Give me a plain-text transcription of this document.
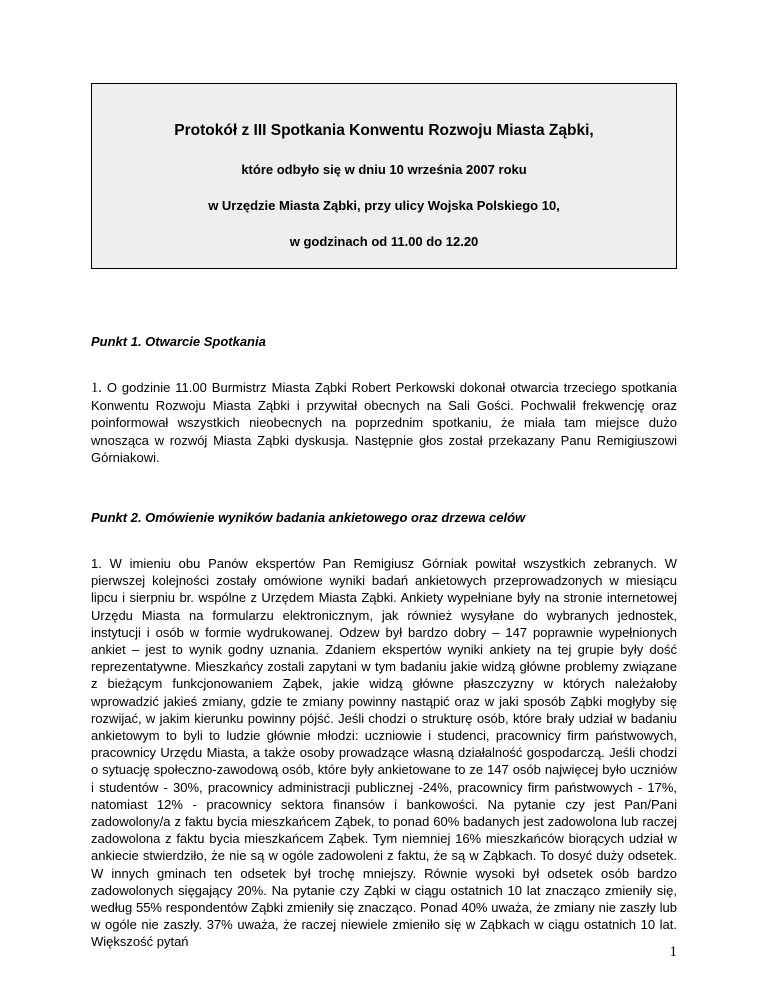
Protokół z III Spotkania Konwentu Rozwoju Miasta Ząbki,

które odbyło się w dniu 10 września 2007 roku

w Urzędzie Miasta Ząbki, przy ulicy Wojska Polskiego 10,

w godzinach od 11.00 do 12.20

Punkt 1. Otwarcie Spotkania

1. O godzinie 11.00 Burmistrz Miasta Ząbki Robert Perkowski dokonał otwarcia trzeciego spotkania Konwentu Rozwoju Miasta Ząbki i przywitał obecnych na Sali Gości. Pochwalił frekwencję oraz poinformował wszystkich nieobecnych na poprzednim spotkaniu, że miała tam miejsce dużo wnosząca w rozwój Miasta Ząbki dyskusja. Następnie głos został przekazany Panu Remigiuszowi Górniakowi.

Punkt 2. Omówienie wyników badania ankietowego oraz drzewa celów

1. W imieniu obu Panów ekspertów Pan Remigiusz Górniak powitał wszystkich zebranych. W pierwszej kolejności zostały omówione wyniki badań ankietowych przeprowadzonych w miesiącu lipcu i sierpniu br. wspólne z Urzędem Miasta Ząbki. Ankiety wypełniane były na stronie internetowej Urzędu Miasta na formularzu elektronicznym, jak również wysyłane do wybranych jednostek, instytucji i osób w formie wydrukowanej. Odzew był bardzo dobry – 147 poprawnie wypełnionych ankiet – jest to wynik godny uznania. Zdaniem ekspertów wyniki ankiety na tej grupie były dość reprezentatywne. Mieszkańcy zostali zapytani w tym badaniu jakie widzą główne problemy związane z bieżącym funkcjonowaniem Ząbek, jakie widzą główne płaszczyzny w których należałoby wprowadzić jakieś zmiany, gdzie te zmiany powinny nastąpić oraz w jaki sposób Ząbki mogłyby się rozwijać, w jakim kierunku powinny pójść. Jeśli chodzi o strukturę osób, które brały udział w badaniu ankietowym to byli to ludzie głównie młodzi: uczniowie i studenci, pracownicy firm państwowych, pracownicy Urzędu Miasta, a także osoby prowadzące własną działalność gospodarczą. Jeśli chodzi o sytuację społeczno-zawodową osób, które były ankietowane to ze 147 osób najwięcej było uczniów i studentów - 30%, pracownicy administracji publicznej -24%, pracownicy firm państwowych - 17%, natomiast 12% - pracownicy sektora finansów i bankowości. Na pytanie czy jest Pan/Pani zadowolony/a z faktu bycia mieszkańcem Ząbek, to ponad 60% badanych jest zadowolona lub raczej zadowolona z faktu bycia mieszkańcem Ząbek. Tym niemniej 16% mieszkańców biorących udział w ankiecie stwierdziło, że nie są w ogóle zadowoleni z faktu, że są w Ząbkach. To dosyć duży odsetek. W innych gminach ten odsetek był trochę mniejszy. Równie wysoki był odsetek osób bardzo zadowolonych sięgający 20%. Na pytanie czy Ząbki w ciągu ostatnich 10 lat znacząco zmieniły się, według 55% respondentów Ząbki zmieniły się znacząco. Ponad 40% uważa, że zmiany nie zaszły lub w ogóle nie zaszły. 37% uważa, że raczej niewiele zmieniło się w Ząbkach w ciągu ostatnich 10 lat. Większość pytań

1
